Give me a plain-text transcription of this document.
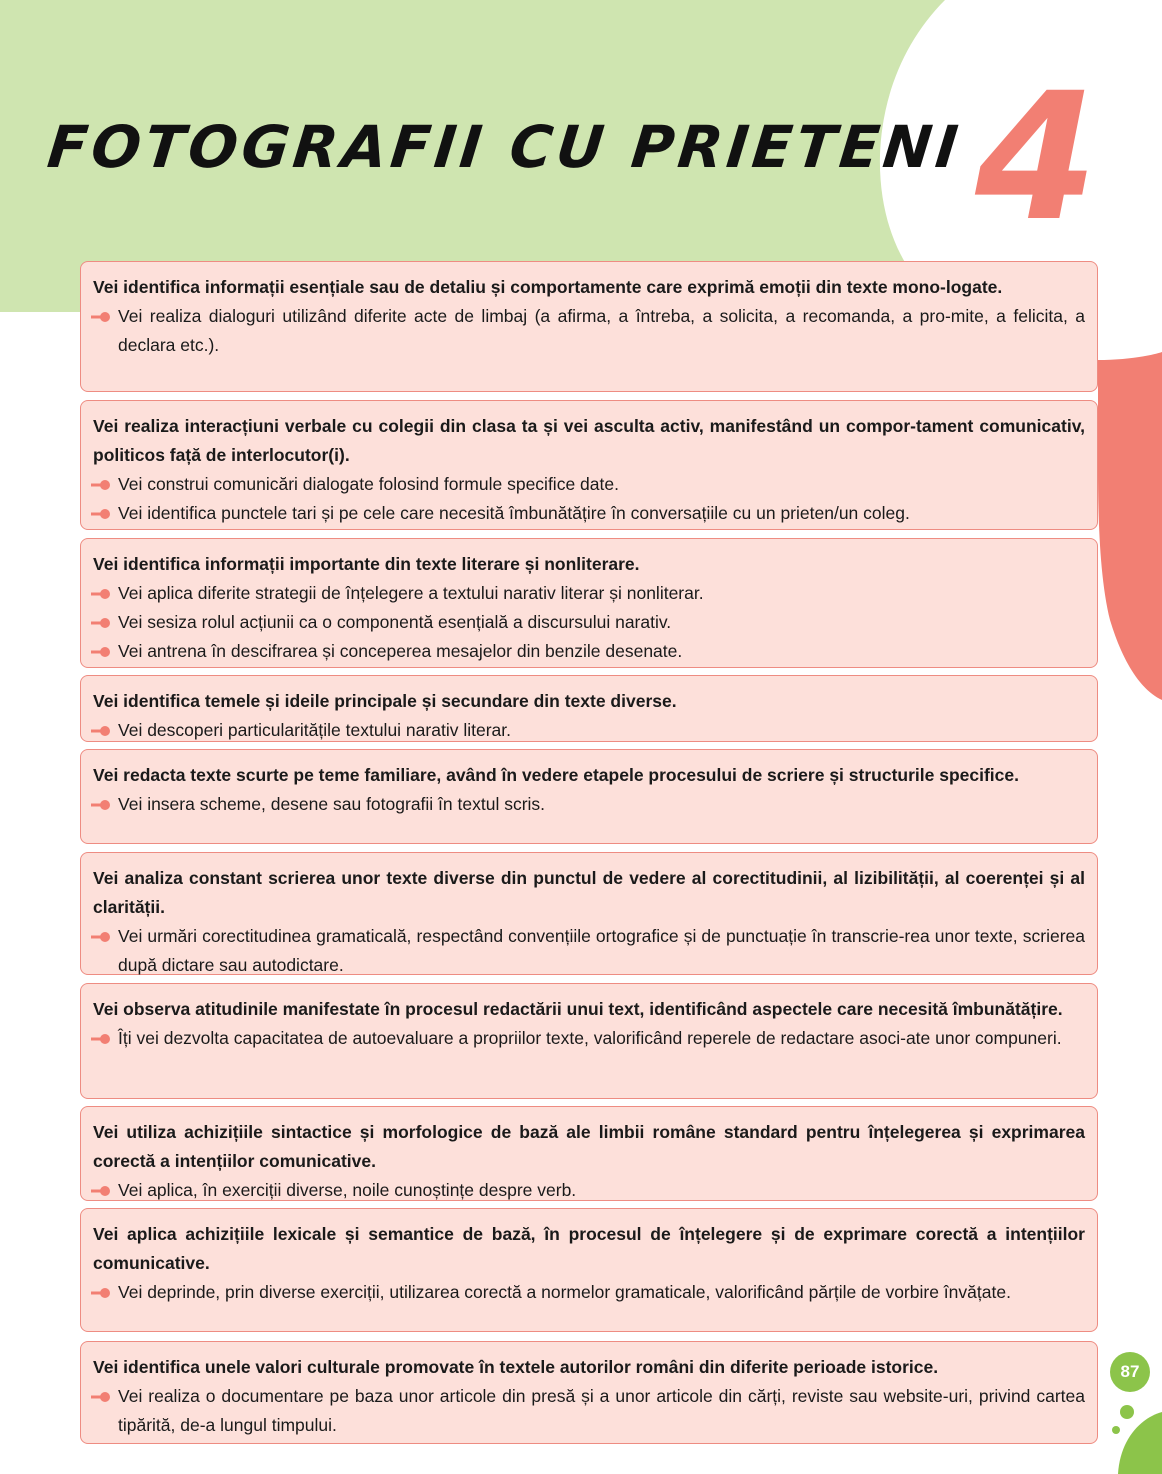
FOTOGRAFII CU PRIETENI 4

Vei identifica informații esențiale sau de detaliu și comportamente care exprimă emoții din texte mono-logate.

Vei realiza dialoguri utilizând diferite acte de limbaj (a afirma, a întreba, a solicita, a recomanda, a pro-mite, a felicita, a declara etc.).

Vei realiza interacțiuni verbale cu colegii din clasa ta și vei asculta activ, manifestând un compor-tament comunicativ, politicos față de interlocutor(i).

Vei construi comunicări dialogate folosind formule specifice date.

Vei identifica punctele tari și pe cele care necesită îmbunătățire în conversațiile cu un prieten/un coleg.

Vei identifica informații importante din texte literare și nonliterare.

Vei aplica diferite strategii de înțelegere a textului narativ literar și nonliterar.

Vei sesiza rolul acțiunii ca o componentă esențială a discursului narativ.

Vei antrena în descifrarea și conceperea mesajelor din benzile desenate.

Vei identifica temele și ideile principale și secundare din texte diverse.

Vei descoperi particularitățile textului narativ literar.

Vei redacta texte scurte pe teme familiare, având în vedere etapele procesului de scriere și structurile specifice.

Vei insera scheme, desene sau fotografii în textul scris.

Vei analiza constant scrierea unor texte diverse din punctul de vedere al corectitudinii, al lizibilității, al coerenței și al clarității.

Vei urmări corectitudinea gramaticală, respectând convențiile ortografice și de punctuație în transcrie-rea unor texte, scrierea după dictare sau autodictare.

Vei observa atitudinile manifestate în procesul redactării unui text, identificând aspectele care necesită îmbunătățire.

Îți vei dezvolta capacitatea de autoevaluare a propriilor texte, valorificând reperele de redactare asoci-ate unor compuneri.

Vei utiliza achizițiile sintactice și morfologice de bază ale limbii române standard pentru înțelegerea și exprimarea corectă a intențiilor comunicative.

Vei aplica, în exerciții diverse, noile cunoștințe despre verb.

Vei aplica achizițiile lexicale și semantice de bază, în procesul de înțelegere și de exprimare corectă a intențiilor comunicative.

Vei deprinde, prin diverse exerciții, utilizarea corectă a normelor gramaticale, valorificând părțile de vorbire învățate.

Vei identifica unele valori culturale promovate în textele autorilor români din diferite perioade istorice.

Vei realiza o documentare pe baza unor articole din presă și a unor articole din cărți, reviste sau website-uri, privind cartea tipărită, de-a lungul timpului.

87
